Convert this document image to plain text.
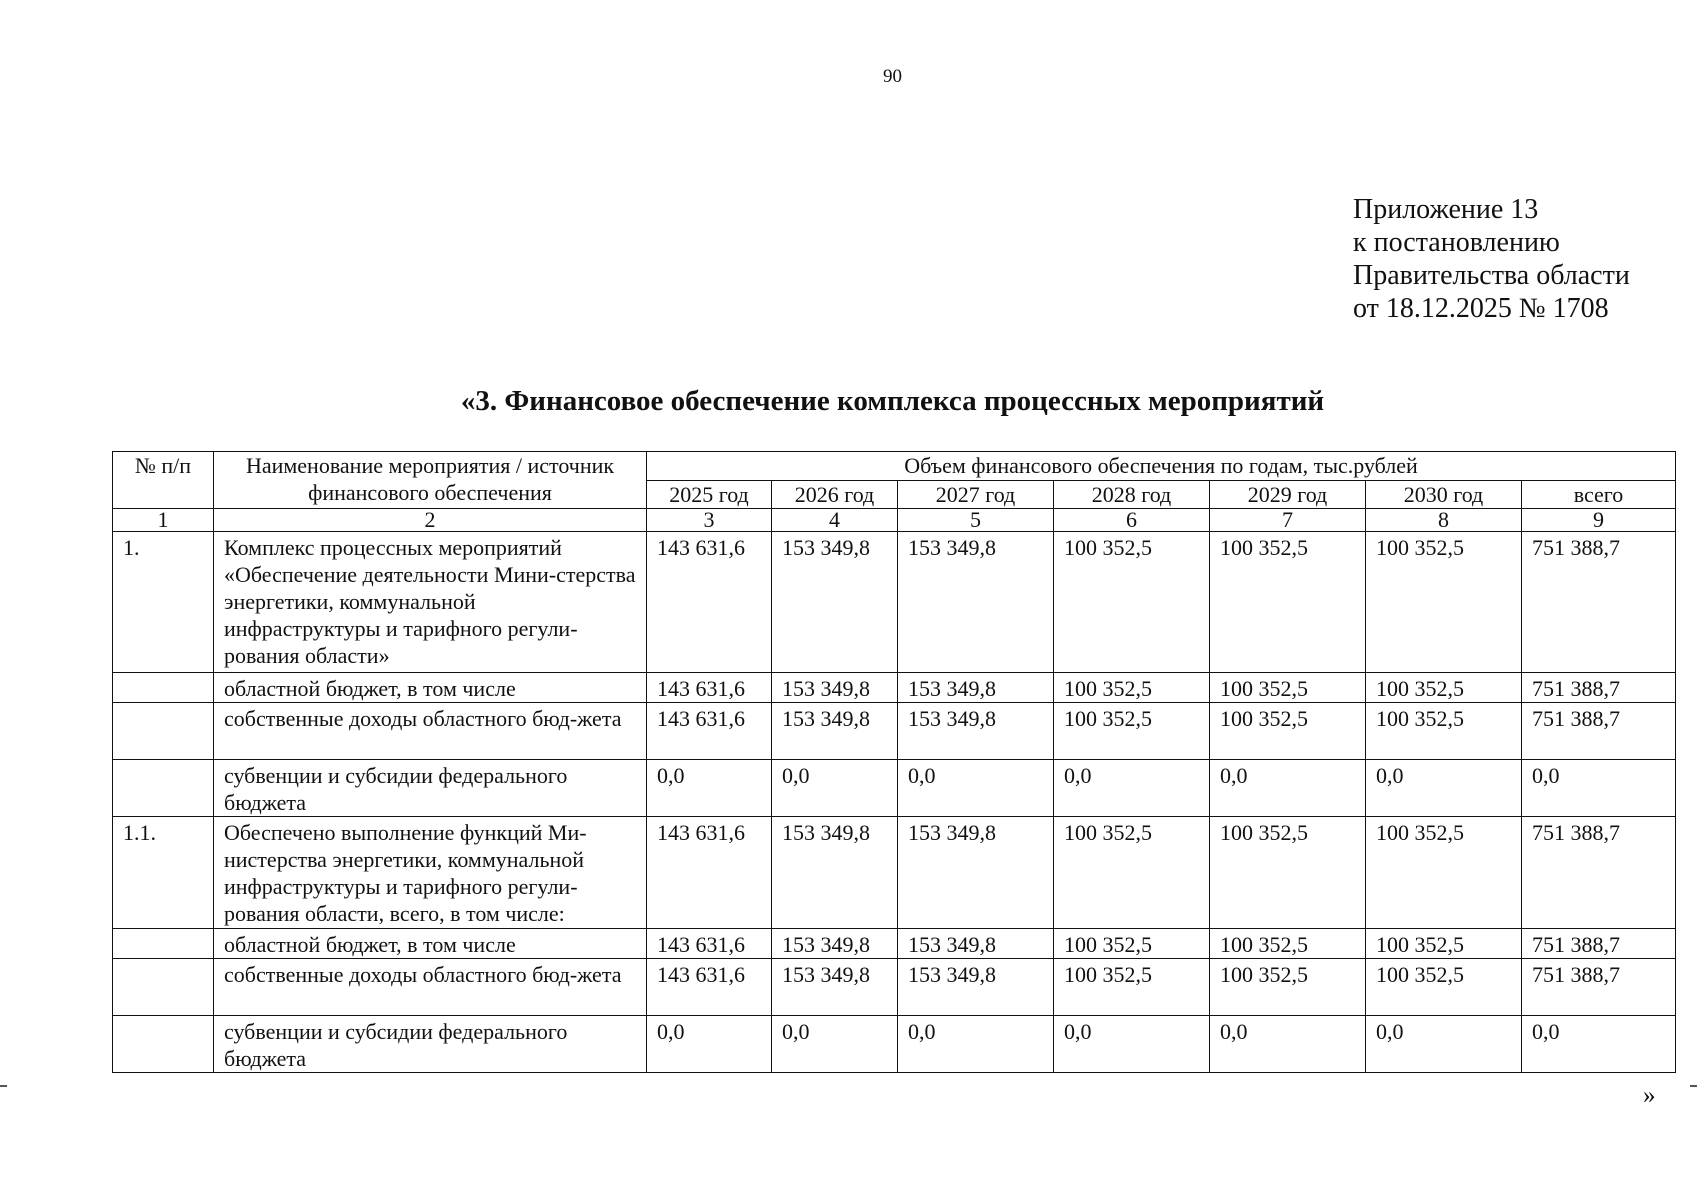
90
Приложение 13
к постановлению
Правительства области
от 18.12.2025 № 1708
«3. Финансовое обеспечение комплекса процессных мероприятий
№ п/п	Наименование мероприятия / источник финансового обеспечения	Объем финансового обеспечения по годам, тыс.рублей						
		2025 год	2026 год	2027 год	2028 год	2029 год	2030 год	всего
1	2	3	4	5	6	7	8	9
1.	Комплекс процессных мероприятий «Обеспечение деятельности Мини-стерства энергетики, коммунальной инфраструктуры и тарифного регули-рования области»	143 631,6	153 349,8	153 349,8	100 352,5	100 352,5	100 352,5	751 388,7
	областной бюджет, в том числе	143 631,6	153 349,8	153 349,8	100 352,5	100 352,5	100 352,5	751 388,7
	собственные доходы областного бюд-жета	143 631,6	153 349,8	153 349,8	100 352,5	100 352,5	100 352,5	751 388,7
	субвенции и субсидии федерального бюджета	0,0	0,0	0,0	0,0	0,0	0,0	0,0
1.1.	Обеспечено выполнение функций Ми-нистерства энергетики, коммунальной инфраструктуры и тарифного регули-рования области, всего, в том числе:	143 631,6	153 349,8	153 349,8	100 352,5	100 352,5	100 352,5	751 388,7
	областной бюджет, в том числе	143 631,6	153 349,8	153 349,8	100 352,5	100 352,5	100 352,5	751 388,7
	собственные доходы областного бюд-жета	143 631,6	153 349,8	153 349,8	100 352,5	100 352,5	100 352,5	751 388,7
	субвенции и субсидии федерального бюджета	0,0	0,0	0,0	0,0	0,0	0,0	0,0
»
